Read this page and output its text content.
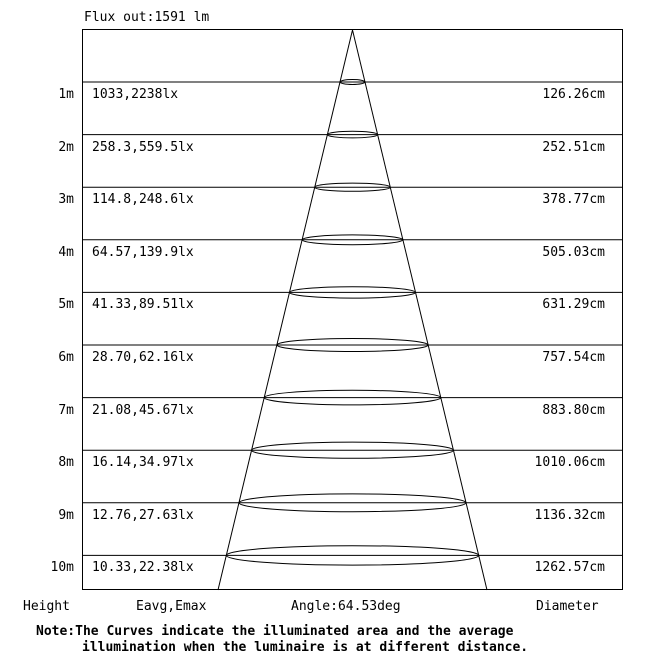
Flux out:1591 lm
1m 1033,2238lx	126.26cm
2m 258.3,559.5lx	252.51cm
3m 114.8,248.6lx	378.77cm
4m 64.57,139.9lx	505.03cm
5m 41.33,89.51lx	631.29cm
6m 28.70,62.16lx	757.54cm
7m 21.08,45.67lx	883.80cm
8m 16.14,34.97lx	1010.06cm
9m 12.76,27.63lx	1136.32cm
10m 10.33,22.38lx	1262.57cm
Height	Eavg,Emax	Angle:64.53deg	Diameter
Note:The Curves indicate the illuminated area and the average
illumination when the luminaire is at different distance.
